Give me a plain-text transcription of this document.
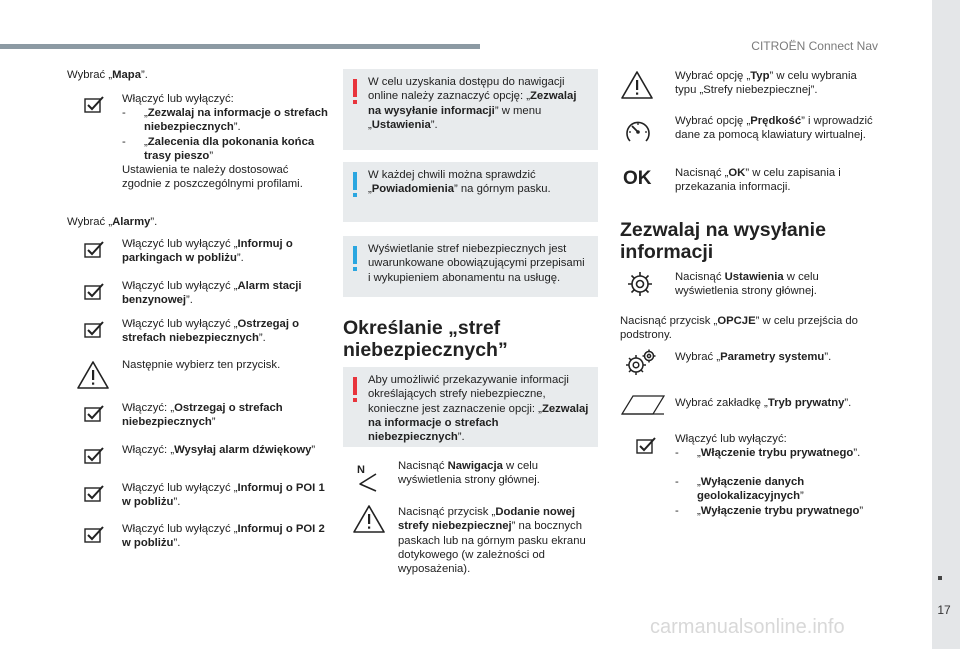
CITROËN Connect Nav
17
Wybrać „Mapa”.
Włączyć lub wyłączyć:
-	„Zezwalaj na informacje o strefach niebezpiecznych”.
-	„Zalecenia dla pokonania końca trasy pieszo”
Ustawienia te należy dostosować zgodnie z poszczególnymi profilami.
Wybrać „Alarmy”.
Włączyć lub wyłączyć „Informuj o parkingach w pobliżu”.
Włączyć lub wyłączyć „Alarm stacji benzynowej”.
Włączyć lub wyłączyć „Ostrzegaj o strefach niebezpiecznych”.
Następnie wybierz ten przycisk.
Włączyć: „Ostrzegaj o strefach niebezpiecznych”
Włączyć: „Wysyłaj alarm dźwiękowy”
Włączyć lub wyłączyć „Informuj o POI 1 w pobliżu”.
Włączyć lub wyłączyć „Informuj o POI 2 w pobliżu”.
W celu uzyskania dostępu do nawigacji online należy zaznaczyć opcję: „Zezwalaj na wysyłanie informacji” w menu „Ustawienia”.
W każdej chwili można sprawdzić „Powiadomienia” na górnym pasku.
Wyświetlanie stref niebezpiecznych jest uwarunkowane obowiązującymi przepisami i wykupieniem abonamentu na usługę.
Określanie „stref niebezpiecznych”
Aby umożliwić przekazywanie informacji określających strefy niebezpieczne, konieczne jest zaznaczenie opcji: „Zezwalaj na informacje o strefach niebezpiecznych”.
N	Nacisnąć Nawigacja w celu wyświetlenia strony głównej.
Nacisnąć przycisk „Dodanie nowej strefy niebezpiecznej” na bocznych paskach lub na górnym pasku ekranu dotykowego (w zależności od wyposażenia).
Wybrać opcję „Typ” w celu wybrania typu „Strefy niebezpiecznej”.
Wybrać opcję „Prędkość” i wprowadzić dane za pomocą klawiatury wirtualnej.
OK Nacisnąć „OK” w celu zapisania i przekazania informacji.
Zezwalaj na wysyłanie informacji
Nacisnąć Ustawienia w celu wyświetlenia strony głównej.
Nacisnąć przycisk „OPCJE” w celu przejścia do podstrony.
Wybrać „Parametry systemu”.
Wybrać zakładkę „Tryb prywatny”.
Włączyć lub wyłączyć:
-	„Włączenie trybu prywatnego”.
-	„Wyłączenie danych geolokalizacyjnych”
-	„Wyłączenie trybu prywatnego”
carmanualsonline.info
